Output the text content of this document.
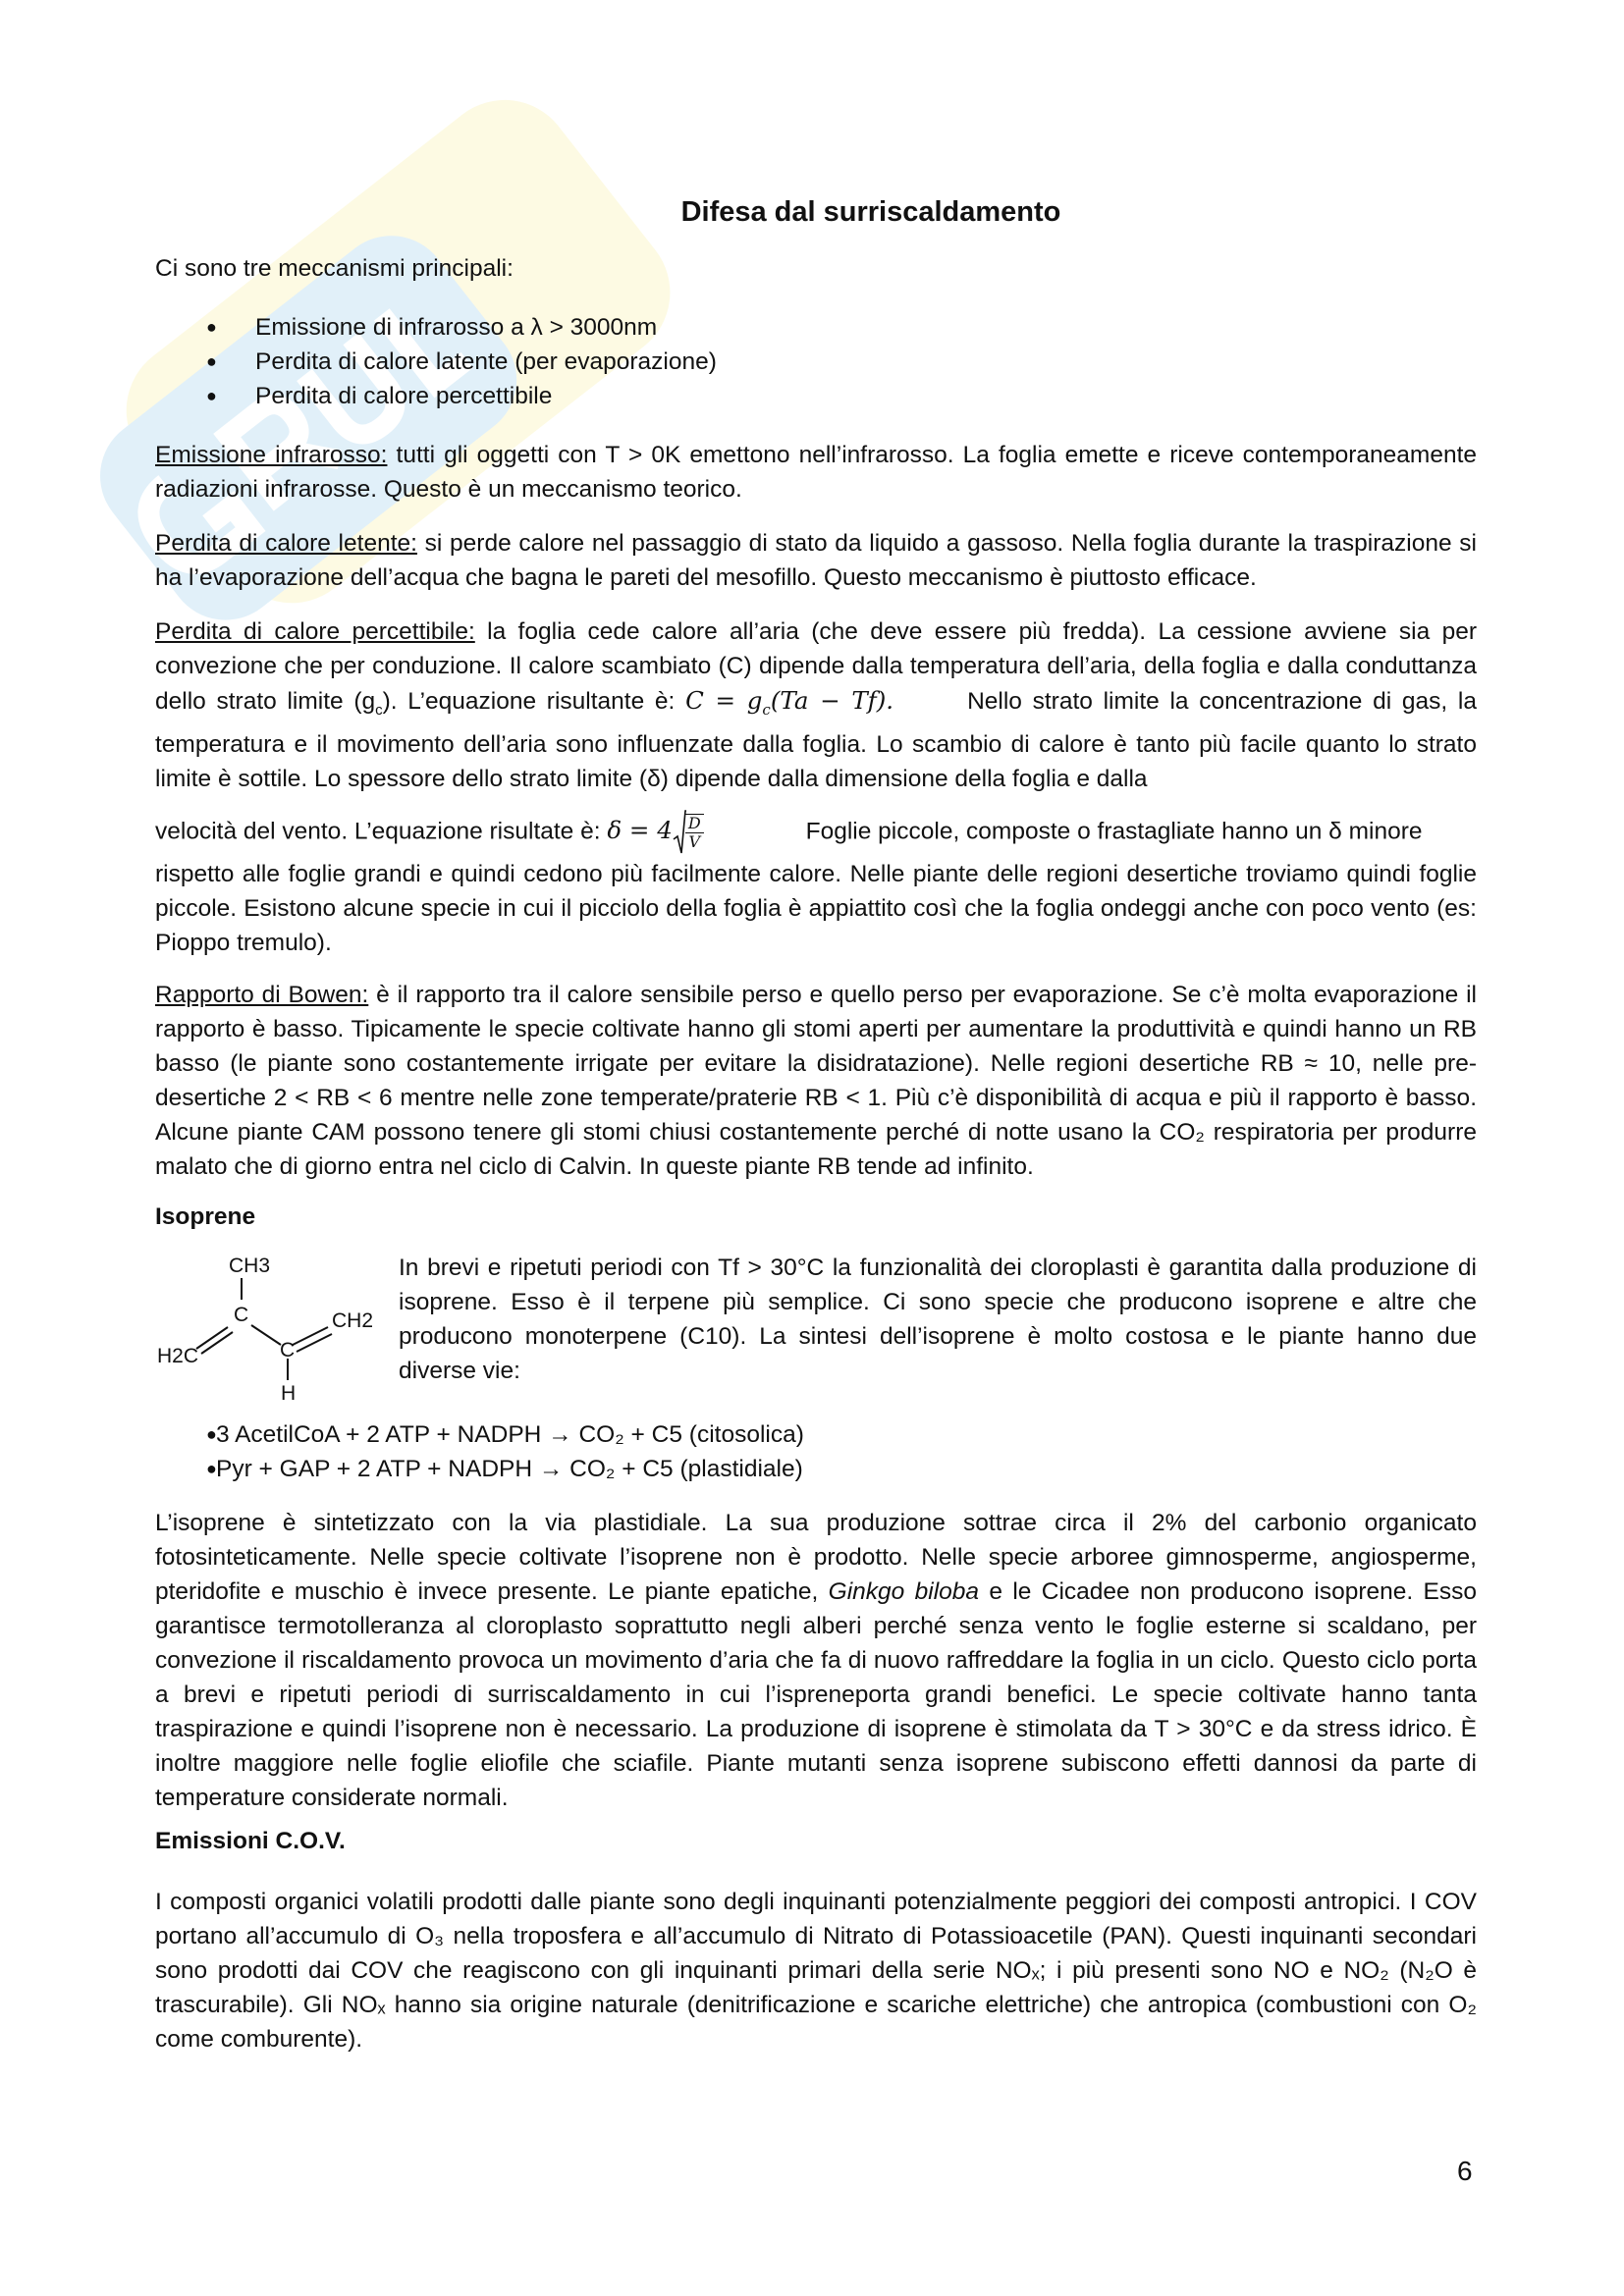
Difesa dal surriscaldamento

Ci sono tre meccanismi principali:

● Emissione di infrarosso a λ > 3000nm
● Perdita di calore latente (per evaporazione)
● Perdita di calore percettibile

Emissione infrarosso: tutti gli oggetti con T > 0K emettono nell’infrarosso. La foglia emette e riceve contemporaneamente radiazioni infrarosse. Questo è un meccanismo teorico.

Perdita di calore letente: si perde calore nel passaggio di stato da liquido a gassoso. Nella foglia durante la traspirazione si ha l’evaporazione dell’acqua che bagna le pareti del mesofillo. Questo meccanismo è piuttosto efficace.

Perdita di calore percettibile: la foglia cede calore all’aria (che deve essere più fredda). La cessione avviene sia per convezione che per conduzione. Il calore scambiato (C) dipende dalla temperatura dell’aria, della foglia e dalla conduttanza dello strato limite $(g_c)$. L’equazione risultante è: $C = g_c(Ta - Tf)$.	Nello strato limite la concentrazione di gas, la temperatura e il movimento dell’aria sono influenzate dalla foglia. Lo scambio di calore è tanto più facile quanto lo strato limite è sottile. Lo spessore dello strato limite (δ) dipende dalla dimensione della foglia e dalla

velocità del vento. L’equazione risultate è: $\delta = 4 \frac{D}{V}$	Foglie piccole, composte o frastagliate hanno un δ minore

rispetto alle foglie grandi e quindi cedono più facilmente calore. Nelle piante delle regioni desertiche troviamo quindi foglie piccole. Esistono alcune specie in cui il picciolo della foglia è appiattito così che la foglia ondeggi anche con poco vento (es: Pioppo tremulo).

Rapporto di Bowen: è il rapporto tra il calore sensibile perso e quello perso per evaporazione. Se c’è molta evaporazione il rapporto è basso. Tipicamente le specie coltivate hanno gli stomi aperti per aumentare la produttività e quindi hanno un RB basso (le piante sono costantemente irrigate per evitare la disidratazione). Nelle regioni desertiche RB ≈ 10, nelle pre-desertiche 2 < RB < 6 mentre nelle zone temperate/praterie RB < 1. Più c’è disponibilità di acqua e più il rapporto è basso. Alcune piante CAM possono tenere gli stomi chiusi costantemente perché di notte usano la CO₂ respiratoria per produrre malato che di giorno entra nel ciclo di Calvin. In queste piante RB tende ad infinito.

Isoprene

CH3
C	CH2
H2C	C
H

In brevi e ripetuti periodi con Tf > 30°C la funzionalità dei cloroplasti è garantita dalla produzione di isoprene. Esso è il terpene più semplice. Ci sono specie che producono isoprene e altre che producono monoterpene (C10). La sintesi dell’isoprene è molto costosa e le piante hanno due diverse vie:

● 3 AcetilCoA + 2 ATP + NADPH → CO₂ + C5 (citosolica)
● Pyr + GAP + 2 ATP + NADPH → CO₂ + C5 (plastidiale)

L’isoprene è sintetizzato con la via plastidiale. La sua produzione sottrae circa il 2% del carbonio organicato fotosinteticamente. Nelle specie coltivate l’isoprene non è prodotto. Nelle specie arboree gimnosperme, angiosperme, pteridofite e muschio è invece presente. Le piante epatiche, Ginkgo biloba e le Cicadee non producono isoprene. Esso garantisce termotolleranza al cloroplasto soprattutto negli alberi perché senza vento le foglie esterne si scaldano, per convezione il riscaldamento provoca un movimento d’aria che fa di nuovo raffreddare la foglia in un ciclo. Questo ciclo porta a brevi e ripetuti periodi di surriscaldamento in cui l’ispreneporta grandi benefici. Le specie coltivate hanno tanta traspirazione e quindi l’isoprene non è necessario. La produzione di isoprene è stimolata da T > 30°C e da stress idrico. È inoltre maggiore nelle foglie eliofile che sciafile. Piante mutanti senza isoprene subiscono effetti dannosi da parte di temperature considerate normali.

Emissioni C.O.V.

I composti organici volatili prodotti dalle piante sono degli inquinanti potenzialmente peggiori dei composti antropici. I COV portano all’accumulo di O₃ nella troposfera e all’accumulo di Nitrato di Potassioacetile (PAN). Questi inquinanti secondari sono prodotti dai COV che reagiscono con gli inquinanti primari della serie NOₓ; i più presenti sono NO e NO₂ (N₂O è trascurabile). Gli NOₓ hanno sia origine naturale (denitrificazione e scariche elettriche) che antropica (combustioni con O₂ come comburente).

6
